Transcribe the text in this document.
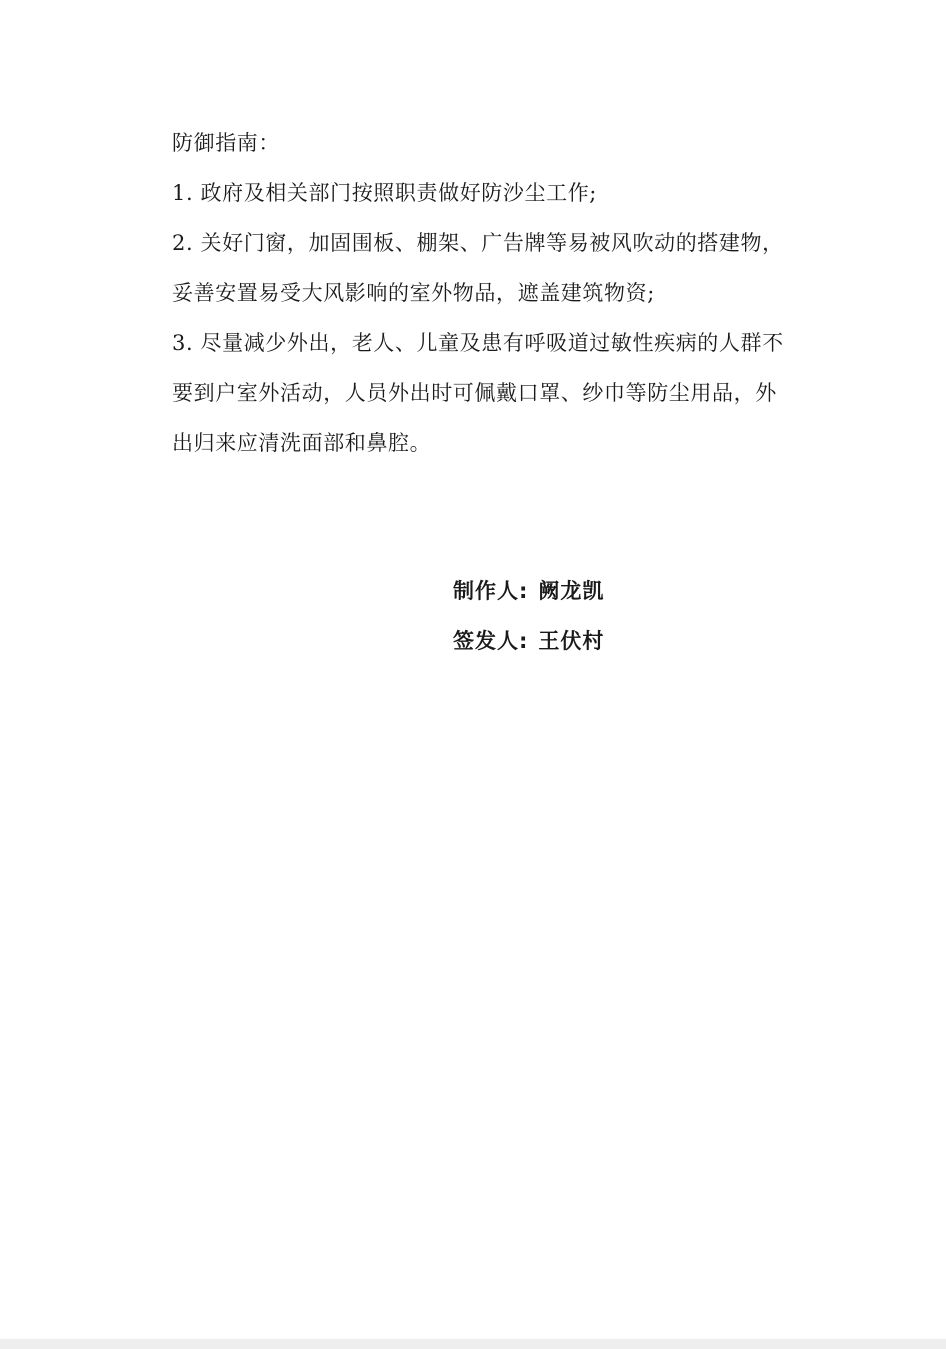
防御指南：
1. 政府及相关部门按照职责做好防沙尘工作;
2. 关好门窗，加固围板、棚架、广告牌等易被风吹动的搭建物，
妥善安置易受大风影响的室外物品，遮盖建筑物资;
3. 尽量减少外出，老人、儿童及患有呼吸道过敏性疾病的人群不
要到户室外活动，人员外出时可佩戴口罩、纱巾等防尘用品，外
出归来应清洗面部和鼻腔。
制作人: 阙龙凯
签发人: 王伏村
